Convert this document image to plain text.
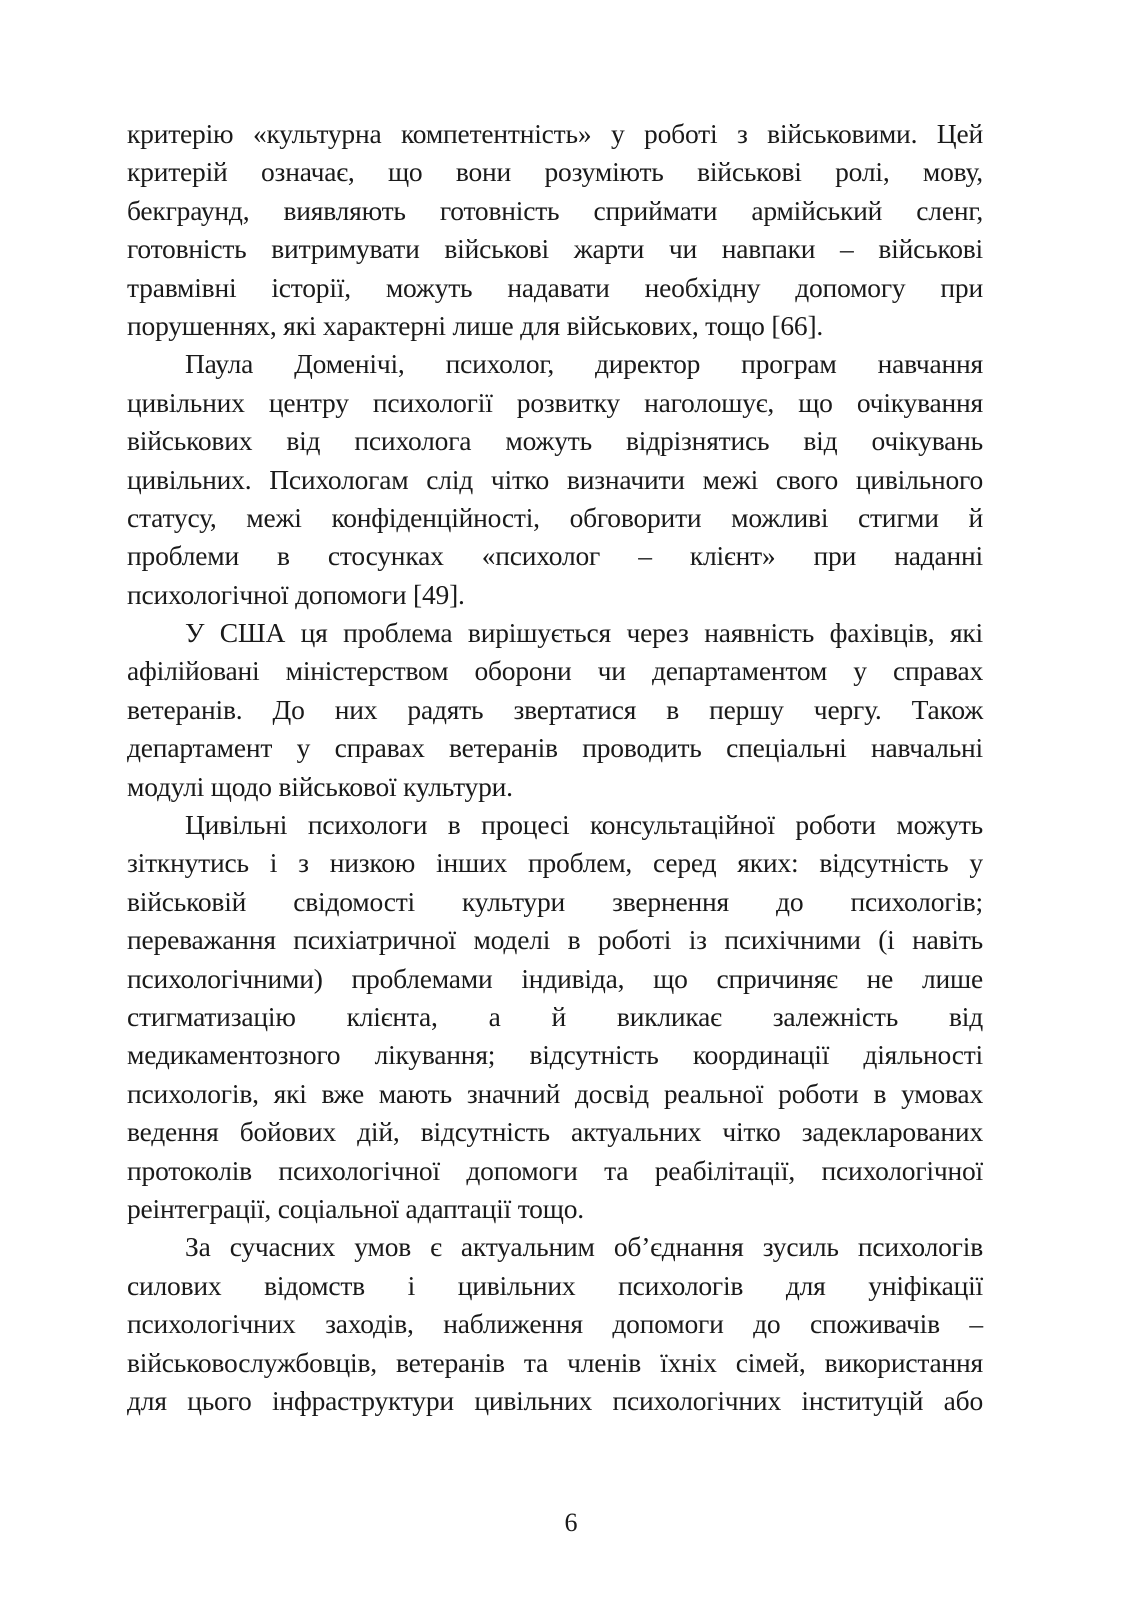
критерію «культурна компетентність» у роботі з військовими. Цей
критерій означає, що вони розуміють військові ролі, мову,
бекграунд, виявляють готовність сприймати армійський сленг,
готовність витримувати військові жарти чи навпаки – військові
травмівні історії, можуть надавати необхідну допомогу при
порушеннях, які характерні лише для військових, тощо [66].
Паула Доменічі, психолог, директор програм навчання
цивільних центру психології розвитку наголошує, що очікування
військових від психолога можуть відрізнятись від очікувань
цивільних. Психологам слід чітко визначити межі свого цивільного
статусу, межі конфіденційності, обговорити можливі стигми й
проблеми в стосунках «психолог – клієнт» при наданні
психологічної допомоги [49].
У США ця проблема вирішується через наявність фахівців, які
афілійовані міністерством оборони чи департаментом у справах
ветеранів. До них радять звертатися в першу чергу. Також
департамент у справах ветеранів проводить спеціальні навчальні
модулі щодо військової культури.
Цивільні психологи в процесі консультаційної роботи можуть
зіткнутись і з низкою інших проблем, серед яких: відсутність у
військовій свідомості культури звернення до психологів;
переважання психіатричної моделі в роботі із психічними (і навіть
психологічними) проблемами індивіда, що спричиняє не лише
стигматизацію клієнта, а й викликає залежність від
медикаментозного лікування; відсутність координації діяльності
психологів, які вже мають значний досвід реальної роботи в умовах
ведення бойових дій, відсутність актуальних чітко задекларованих
протоколів психологічної допомоги та реабілітації, психологічної
реінтеграції, соціальної адаптації тощо.
За сучасних умов є актуальним об’єднання зусиль психологів
силових відомств і цивільних психологів для уніфікації
психологічних заходів, наближення допомоги до споживачів –
військовослужбовців, ветеранів та членів їхніх сімей, використання
для цього інфраструктури цивільних психологічних інституцій або
6
